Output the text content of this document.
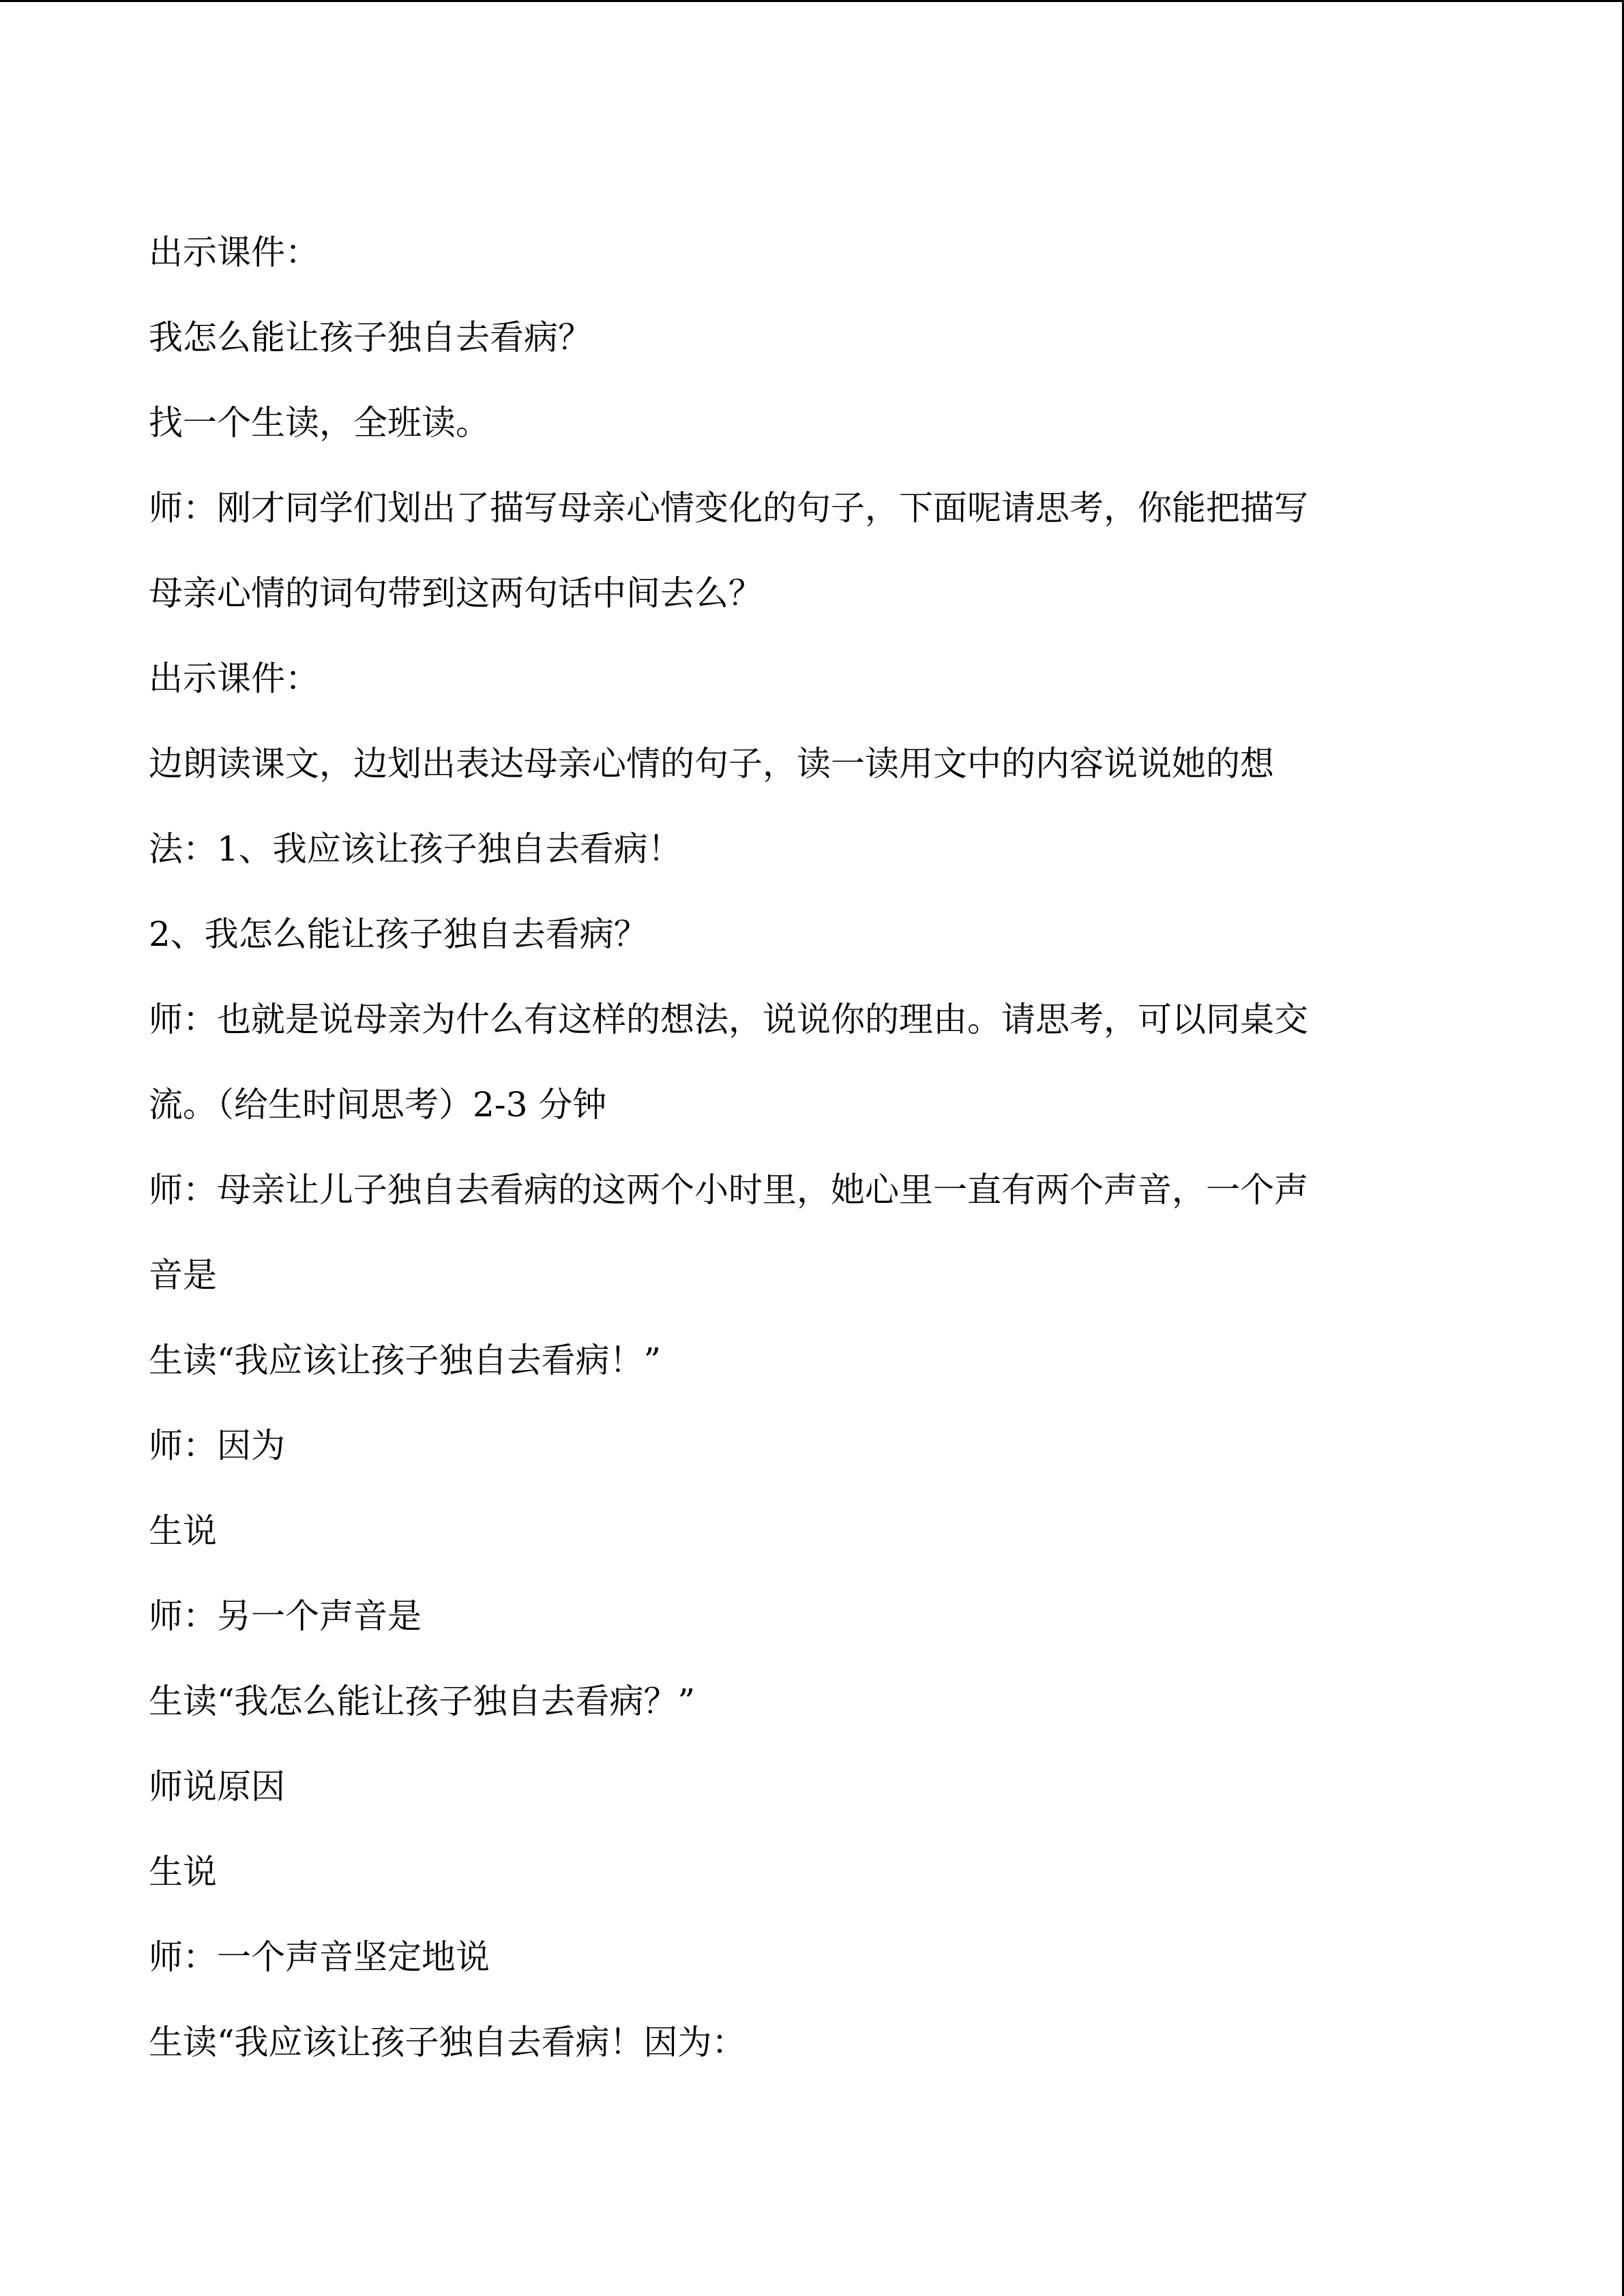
出示课件：

我怎么能让孩子独自去看病？

找一个生读，全班读。

师：刚才同学们划出了描写母亲心情变化的句子，下面呢请思考，你能把描写

母亲心情的词句带到这两句话中间去么？

出示课件：

边朗读课文，边划出表达母亲心情的句子，读一读用文中的内容说说她的想

法：1、我应该让孩子独自去看病！

2、我怎么能让孩子独自去看病？

师：也就是说母亲为什么有这样的想法，说说你的理由。请思考，可以同桌交

流。（给生时间思考）2-3 分钟

师：母亲让儿子独自去看病的这两个小时里，她心里一直有两个声音，一个声

音是

生读“我应该让孩子独自去看病！”

师：因为

生说

师：另一个声音是

生读“我怎么能让孩子独自去看病？”

师说原因

生说

师：一个声音坚定地说

生读“我应该让孩子独自去看病！因为：
